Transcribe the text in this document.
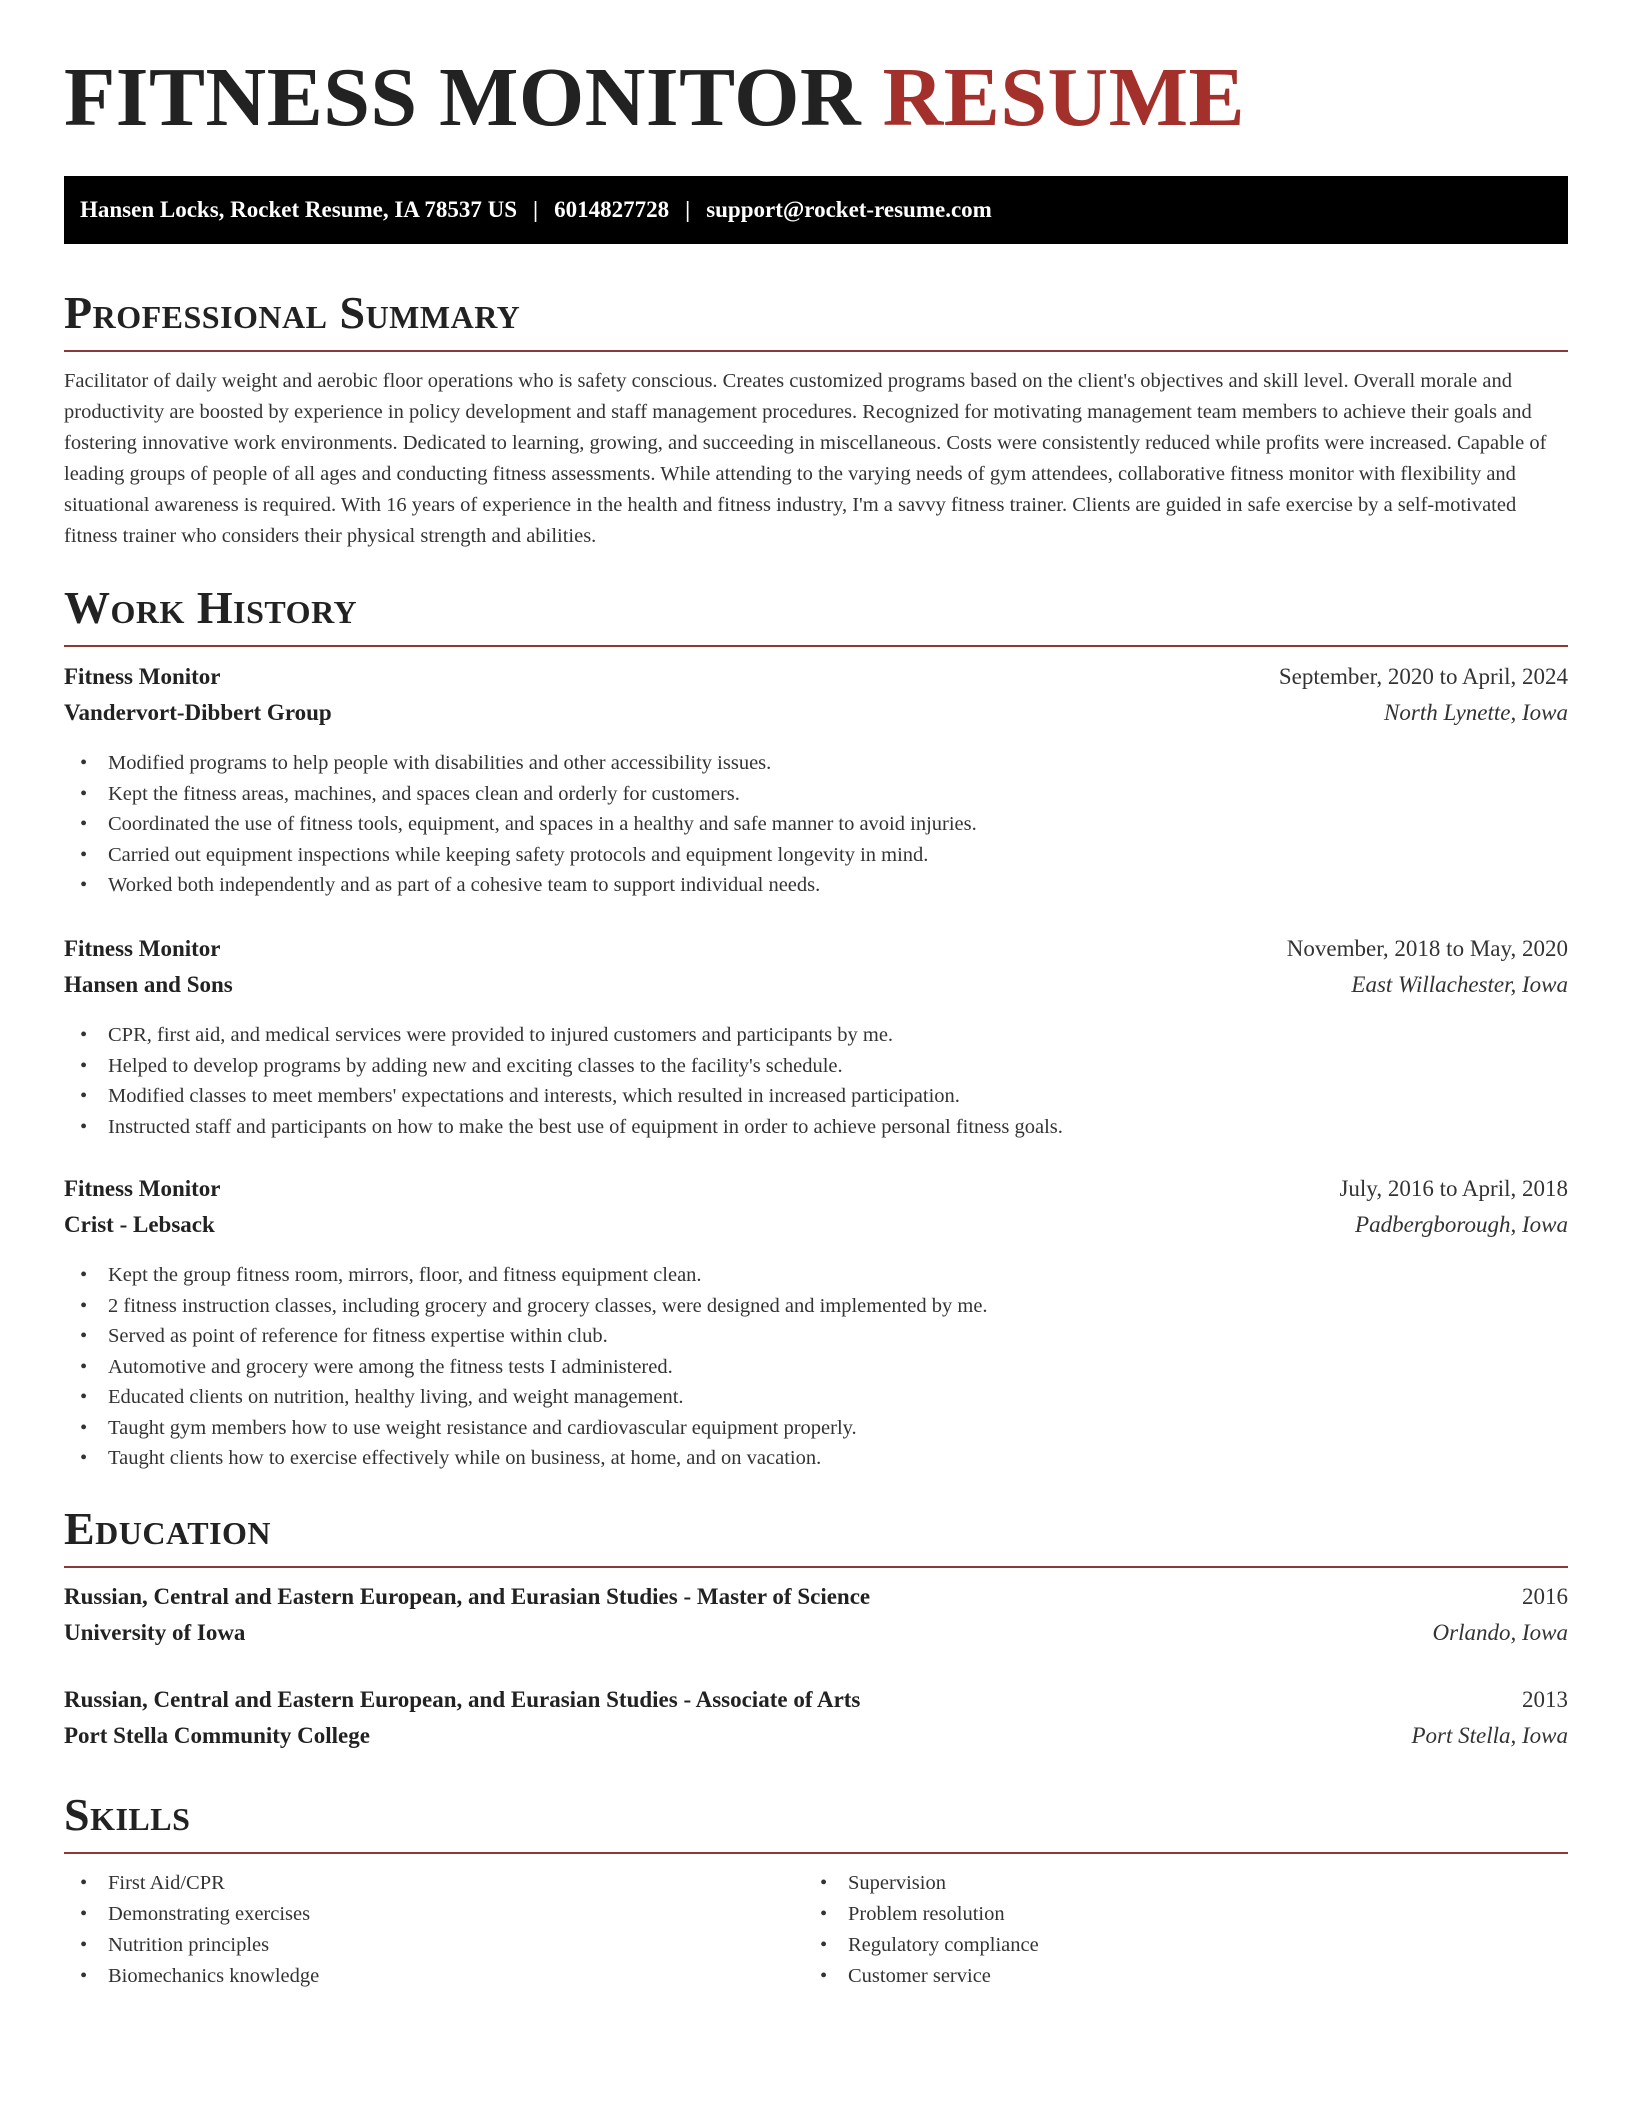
FITNESS MONITOR RESUME
Hansen Locks, Rocket Resume, IA 78537 US | 6014827728 | support@rocket-resume.com
Professional Summary

Facilitator of daily weight and aerobic floor operations who is safety conscious. Creates customized programs based on the client's objectives and skill level. Overall morale and productivity are boosted by experience in policy development and staff management procedures. Recognized for motivating management team members to achieve their goals and fostering innovative work environments. Dedicated to learning, growing, and succeeding in miscellaneous. Costs were consistently reduced while profits were increased. Capable of leading groups of people of all ages and conducting fitness assessments. While attending to the varying needs of gym attendees, collaborative fitness monitor with flexibility and situational awareness is required. With 16 years of experience in the health and fitness industry, I'm a savvy fitness trainer. Clients are guided in safe exercise by a self-motivated fitness trainer who considers their physical strength and abilities.

Work History
Fitness Monitor	September, 2020 to April, 2024
Vandervort-Dibbert Group	North Lynette, Iowa
• Modified programs to help people with disabilities and other accessibility issues.
• Kept the fitness areas, machines, and spaces clean and orderly for customers.
• Coordinated the use of fitness tools, equipment, and spaces in a healthy and safe manner to avoid injuries.
• Carried out equipment inspections while keeping safety protocols and equipment longevity in mind.
• Worked both independently and as part of a cohesive team to support individual needs.
Fitness Monitor	November, 2018 to May, 2020
Hansen and Sons	East Willachester, Iowa
• CPR, first aid, and medical services were provided to injured customers and participants by me.
• Helped to develop programs by adding new and exciting classes to the facility's schedule.
• Modified classes to meet members' expectations and interests, which resulted in increased participation.
• Instructed staff and participants on how to make the best use of equipment in order to achieve personal fitness goals.
Fitness Monitor	July, 2016 to April, 2018
Crist - Lebsack	Padbergborough, Iowa
• Kept the group fitness room, mirrors, floor, and fitness equipment clean.
• 2 fitness instruction classes, including grocery and grocery classes, were designed and implemented by me.
• Served as point of reference for fitness expertise within club.
• Automotive and grocery were among the fitness tests I administered.
• Educated clients on nutrition, healthy living, and weight management.
• Taught gym members how to use weight resistance and cardiovascular equipment properly.
• Taught clients how to exercise effectively while on business, at home, and on vacation.
Education
Russian, Central and Eastern European, and Eurasian Studies - Master of Science	2016
University of Iowa	Orlando, Iowa
Russian, Central and Eastern European, and Eurasian Studies - Associate of Arts	2013
Port Stella Community College	Port Stella, Iowa
Skills
• First Aid/CPR
• Demonstrating exercises
• Nutrition principles
• Biomechanics knowledge
• Supervision
• Problem resolution
• Regulatory compliance
• Customer service
